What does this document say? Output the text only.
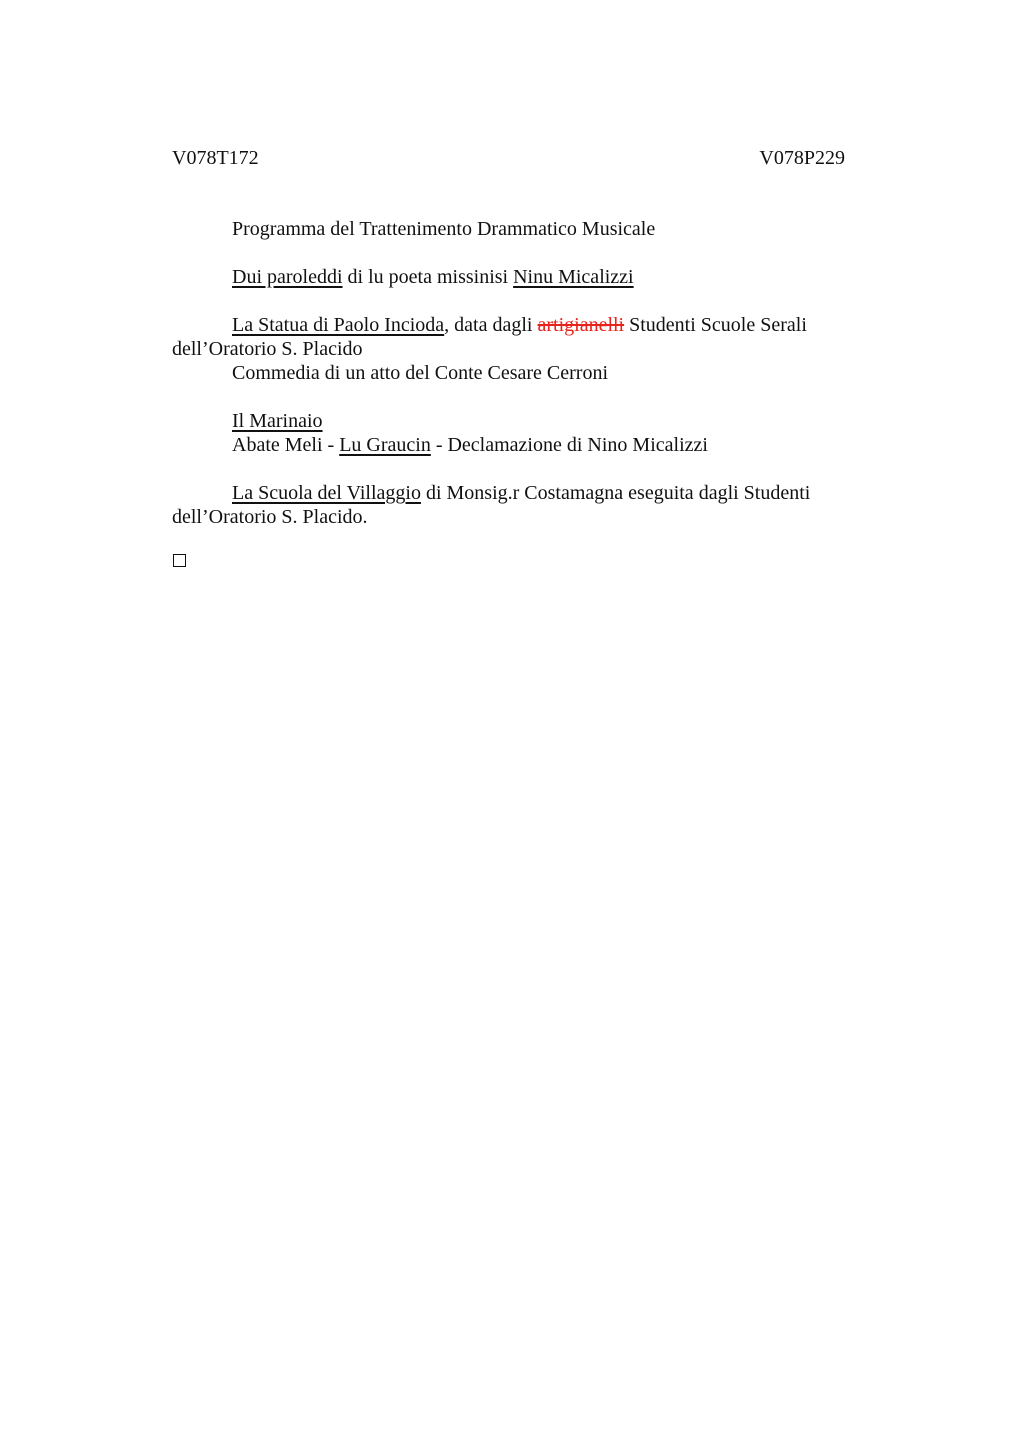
V078T172	V078P229

Programma del Trattenimento Drammatico Musicale

Dui paroleddi di lu poeta missinisi Ninu Micalizzi

La Statua di Paolo Incioda, data dagli artigianelli Studenti Scuole Serali
dell’Oratorio S. Placido
Commedia di un atto del Conte Cesare Cerroni

Il Marinaio
Abate Meli - Lu Graucin - Declamazione di Nino Micalizzi

La Scuola del Villaggio di Monsig.r Costamagna eseguita dagli Studenti
dell’Oratorio S. Placido.
